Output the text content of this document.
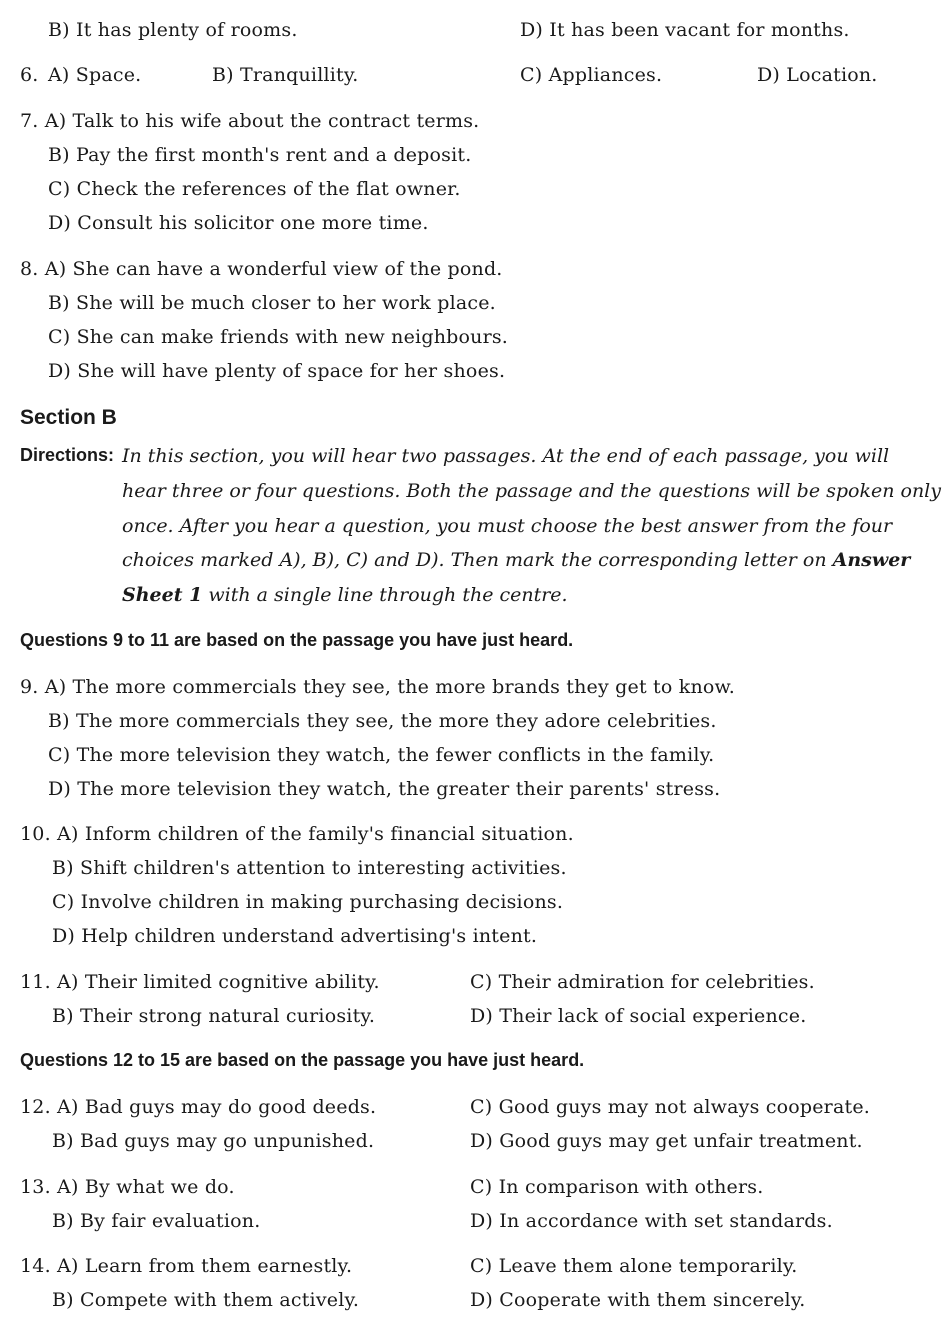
B) It has plenty of rooms.	D) It has been vacant for months.
6. A) Space.	B) Tranquillity.	C) Appliances.	D) Location.
7. A) Talk to his wife about the contract terms.
B) Pay the first month's rent and a deposit.
C) Check the references of the flat owner.
D) Consult his solicitor one more time.
8. A) She can have a wonderful view of the pond.
B) She will be much closer to her work place.
C) She can make friends with new neighbours.
D) She will have plenty of space for her shoes.
Section B
Directions: In this section, you will hear two passages. At the end of each passage, you will
hear three or four questions. Both the passage and the questions will be spoken only
once. After you hear a question, you must choose the best answer from the four
choices marked A), B), C) and D). Then mark the corresponding letter on Answer
Sheet 1 with a single line through the centre.
Questions 9 to 11 are based on the passage you have just heard.
9. A) The more commercials they see, the more brands they get to know.
B) The more commercials they see, the more they adore celebrities.
C) The more television they watch, the fewer conflicts in the family.
D) The more television they watch, the greater their parents' stress.
10. A) Inform children of the family's financial situation.
B) Shift children's attention to interesting activities.
C) Involve children in making purchasing decisions.
D) Help children understand advertising's intent.
11. A) Their limited cognitive ability.	C) Their admiration for celebrities.
B) Their strong natural curiosity.	D) Their lack of social experience.
Questions 12 to 15 are based on the passage you have just heard.
12. A) Bad guys may do good deeds.	C) Good guys may not always cooperate.
B) Bad guys may go unpunished.	D) Good guys may get unfair treatment.
13. A) By what we do.	C) In comparison with others.
B) By fair evaluation.	D) In accordance with set standards.
14. A) Learn from them earnestly.	C) Leave them alone temporarily.
B) Compete with them actively.	D) Cooperate with them sincerely.
